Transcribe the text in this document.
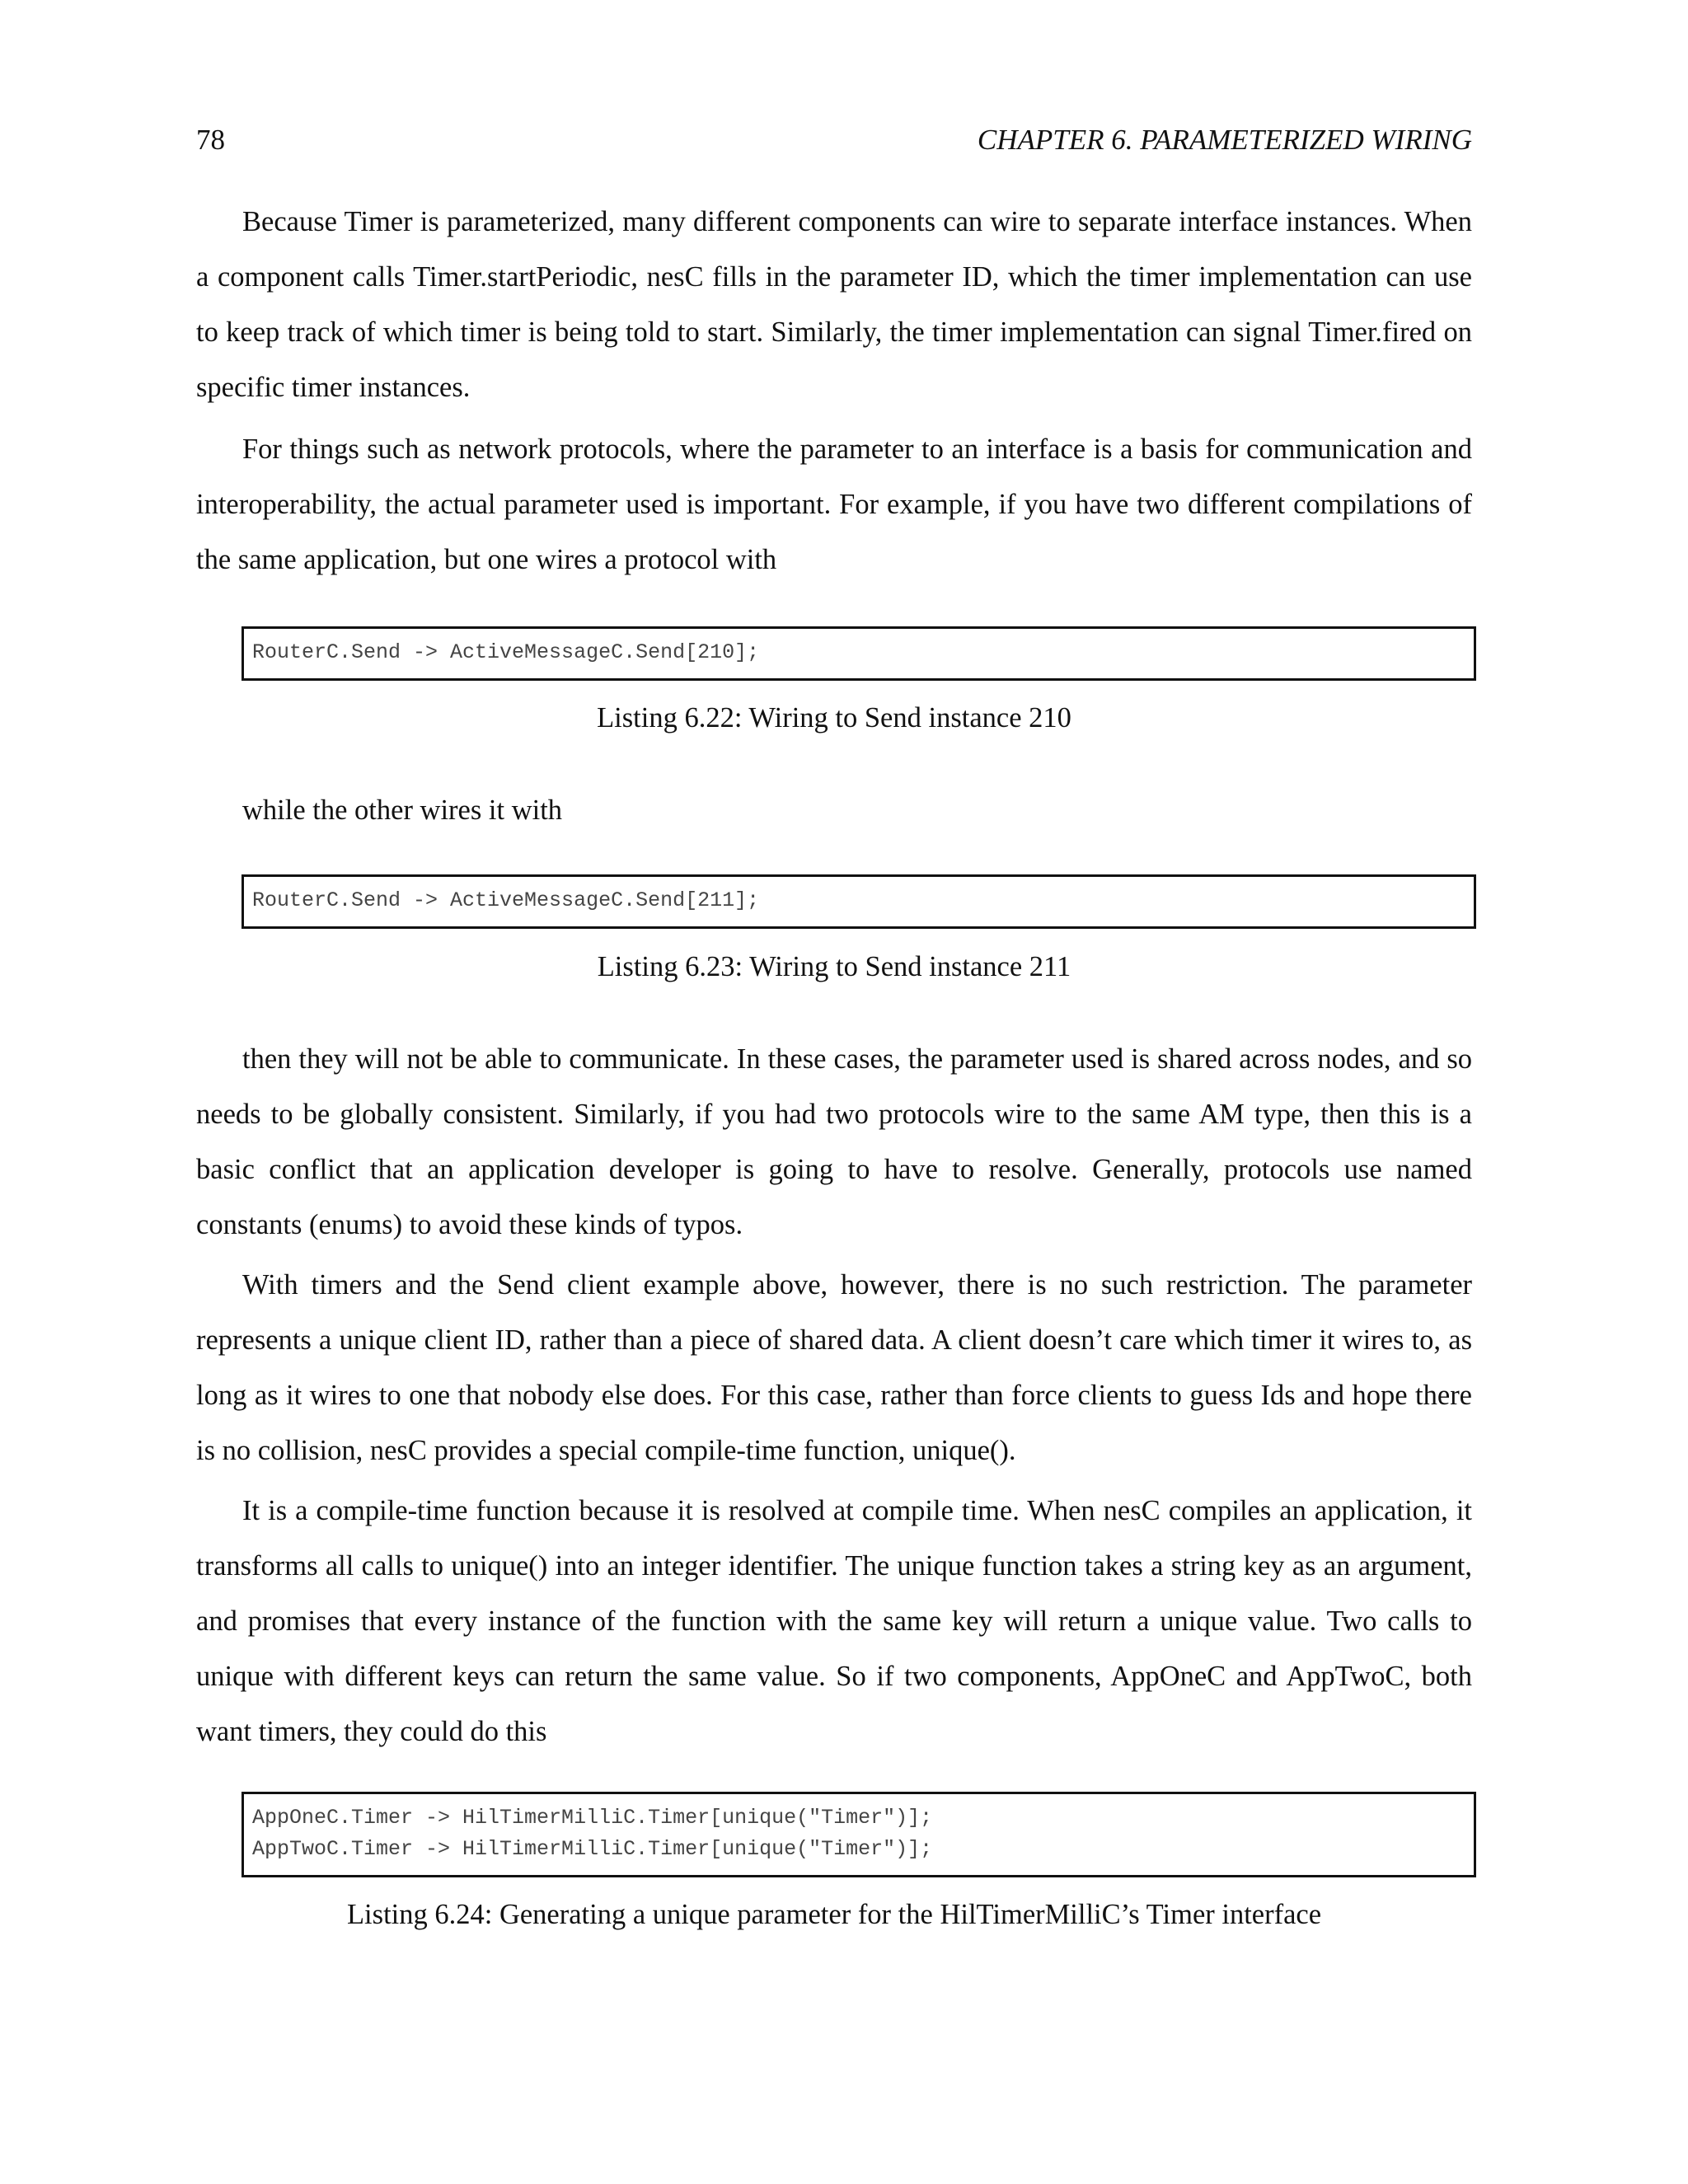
78	CHAPTER 6. PARAMETERIZED WIRING

Because Timer is parameterized, many different components can wire to separate interface instances. When a component calls Timer.startPeriodic, nesC fills in the parameter ID, which the timer implementation can use to keep track of which timer is being told to start. Similarly, the timer implementation can signal Timer.fired on specific timer instances.

For things such as network protocols, where the parameter to an interface is a basis for communication and interoperability, the actual parameter used is important. For example, if you have two different compilations of the same application, but one wires a protocol with

RouterC.Send -> ActiveMessageC.Send[210];
Listing 6.22: Wiring to Send instance 210

while the other wires it with

RouterC.Send -> ActiveMessageC.Send[211];
Listing 6.23: Wiring to Send instance 211

then they will not be able to communicate. In these cases, the parameter used is shared across nodes, and so needs to be globally consistent. Similarly, if you had two protocols wire to the same AM type, then this is a basic conflict that an application developer is going to have to resolve. Generally, protocols use named constants (enums) to avoid these kinds of typos.

With timers and the Send client example above, however, there is no such restriction. The parameter represents a unique client ID, rather than a piece of shared data. A client doesn’t care which timer it wires to, as long as it wires to one that nobody else does. For this case, rather than force clients to guess Ids and hope there is no collision, nesC provides a special compile-time function, unique().

It is a compile-time function because it is resolved at compile time. When nesC compiles an application, it transforms all calls to unique() into an integer identifier. The unique function takes a string key as an argument, and promises that every instance of the function with the same key will return a unique value. Two calls to unique with different keys can return the same value. So if two components, AppOneC and AppTwoC, both want timers, they could do this

AppOneC.Timer -> HilTimerMilliC.Timer[unique("Timer")];
AppTwoC.Timer -> HilTimerMilliC.Timer[unique("Timer")];
Listing 6.24: Generating a unique parameter for the HilTimerMilliC’s Timer interface
